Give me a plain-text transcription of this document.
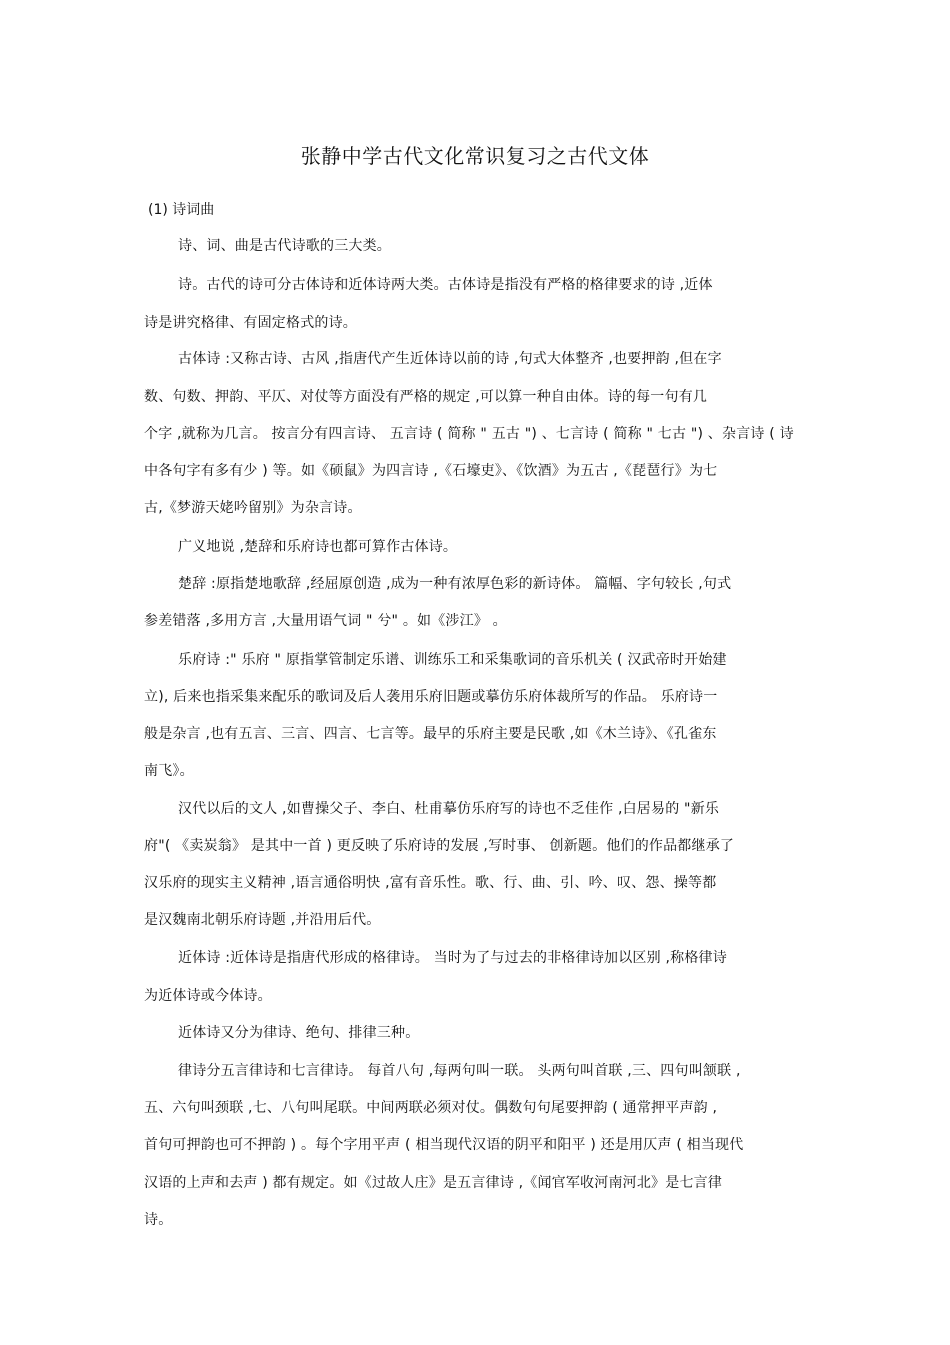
张静中学古代文化常识复习之古代文体
(1) 诗词曲
诗、词、曲是古代诗歌的三大类。
诗。古代的诗可分古体诗和近体诗两大类。古体诗是指没有严格的格律要求的诗 ,近体
诗是讲究格律、有固定格式的诗。
古体诗 :又称古诗、古风 ,指唐代产生近体诗以前的诗 ,句式大体整齐 ,也要押韵 ,但在字
数、句数、押韵、平仄、对仗等方面没有严格的规定 ,可以算一种自由体。诗的每一句有几
个字 ,就称为几言。 按言分有四言诗、 五言诗 ( 简称 " 五古 ") 、七言诗 ( 简称 " 七古 ") 、杂言诗 ( 诗
中各句字有多有少 ) 等。如《硕鼠》为四言诗 ,《石壕吏》、《饮酒》为五古 ,《琵琶行》为七
古,《梦游天姥吟留别》为杂言诗。
广义地说 ,楚辞和乐府诗也都可算作古体诗。
楚辞 :原指楚地歌辞 ,经屈原创造 ,成为一种有浓厚色彩的新诗体。 篇幅、字句较长 ,句式
参差错落 ,多用方言 ,大量用语气词 " 兮" 。如《涉江》 。
乐府诗 :" 乐府 " 原指掌管制定乐谱、训练乐工和采集歌词的音乐机关 ( 汉武帝时开始建
立), 后来也指采集来配乐的歌词及后人袭用乐府旧题或摹仿乐府体裁所写的作品。 乐府诗一
般是杂言 ,也有五言、三言、四言、七言等。最早的乐府主要是民歌 ,如《木兰诗》、《孔雀东
南飞》。
汉代以后的文人 ,如曹操父子、李白、杜甫摹仿乐府写的诗也不乏佳作 ,白居易的 "新乐
府"( 《卖炭翁》 是其中一首 ) 更反映了乐府诗的发展 ,写时事、 创新题。他们的作品都继承了
汉乐府的现实主义精神 ,语言通俗明快 ,富有音乐性。歌、行、曲、引、吟、叹、怨、操等都
是汉魏南北朝乐府诗题 ,并沿用后代。
近体诗 :近体诗是指唐代形成的格律诗。 当时为了与过去的非格律诗加以区别 ,称格律诗
为近体诗或今体诗。
近体诗又分为律诗、绝句、排律三种。
律诗分五言律诗和七言律诗。 每首八句 ,每两句叫一联。 头两句叫首联 ,三、四句叫颔联 ,
五、六句叫颈联 ,七、八句叫尾联。中间两联必须对仗。偶数句句尾要押韵 ( 通常押平声韵 ,
首句可押韵也可不押韵 ) 。每个字用平声 ( 相当现代汉语的阴平和阳平 ) 还是用仄声 ( 相当现代
汉语的上声和去声 ) 都有规定。如《过故人庄》是五言律诗 ,《闻官军收河南河北》是七言律
诗。
